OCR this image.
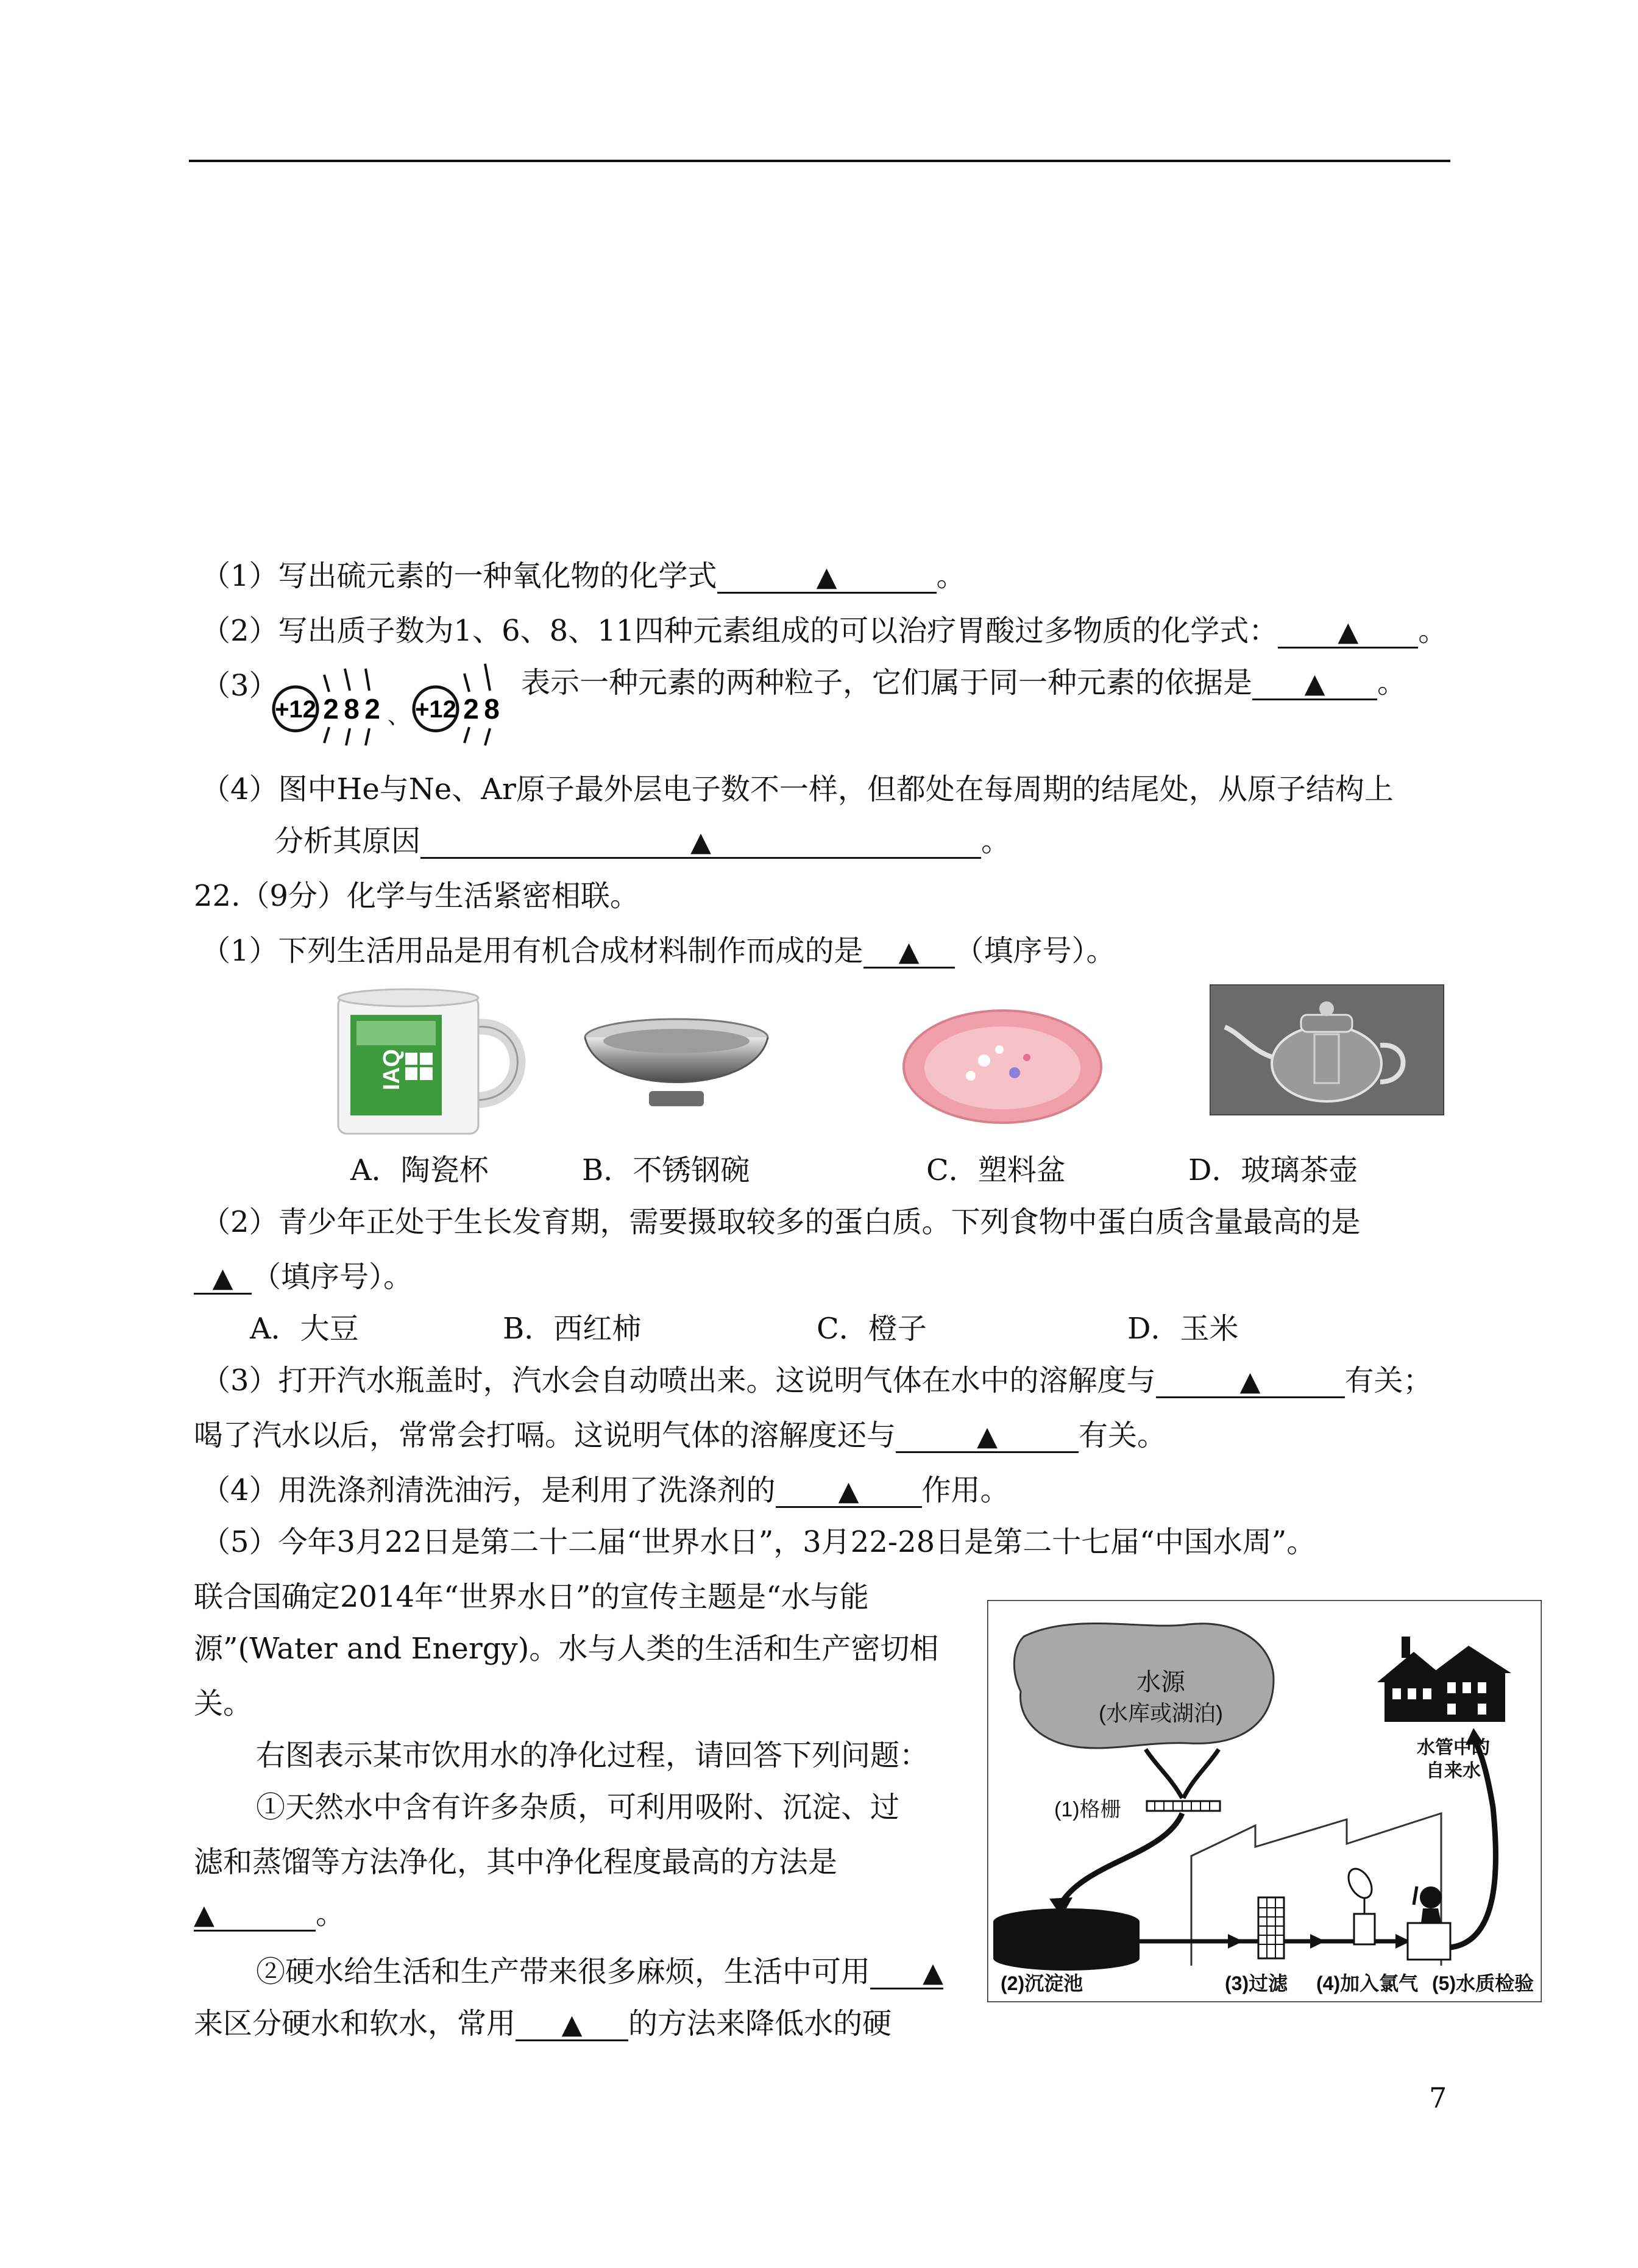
（1）写出硫元素的一种氧化物的化学式	▲	。
（2）写出质子数为1、6、8、11四种元素组成的可以治疗胃酸过多物质的化学式： ▲ 。
（3）
+12 2 8 2 、 +12 2 8
表示一种元素的两种粒子，它们属于同一种元素的依据是 ▲ 。
（4）图中He与Ne、Ar原子最外层电子数不一样，但都处在每周期的结尾处，从原子结构上
分析其原因	▲	。
22.（9分）化学与生活紧密相联。
（1）下列生活用品是用有机合成材料制作而成的是 ▲ （填序号）。
IAQ
A．陶瓷杯	B．不锈钢碗	C．塑料盆	D．玻璃茶壶
（2）青少年正处于生长发育期，需要摄取较多的蛋白质。下列食物中蛋白质含量最高的是
▲ （填序号）。
A．大豆	B．西红柿	C．橙子	D．玉米
（3）打开汽水瓶盖时，汽水会自动喷出来。这说明气体在水中的溶解度与	▲	有关；
喝了汽水以后，常常会打嗝。这说明气体的溶解度还与	▲	有关。
（4）用洗涤剂清洗油污，是利用了洗涤剂的 ▲ 作用。
（5）今年3月22日是第二十二届“世界水日”，3月22-28日是第二十七届“中国水周”。
联合国确定2014年“世界水日”的宣传主题是“水与能
源”(Water and Energy)。水与人类的生活和生产密切相
关。
右图表示某市饮用水的净化过程，请回答下列问题：
①天然水中含有许多杂质，可利用吸附、沉淀、过
滤和蒸馏等方法净化，其中净化程度最高的方法是
▲	。
②硬水给生活和生产带来很多麻烦，生活中可用 ▲
来区分硬水和软水，常用 ▲ 的方法来降低水的硬
水源
(水库或湖泊)
(1)格栅
水管中的
自来水
(2)沉淀池	(3)过滤 (4)加入氯气 (5)水质检验
7
